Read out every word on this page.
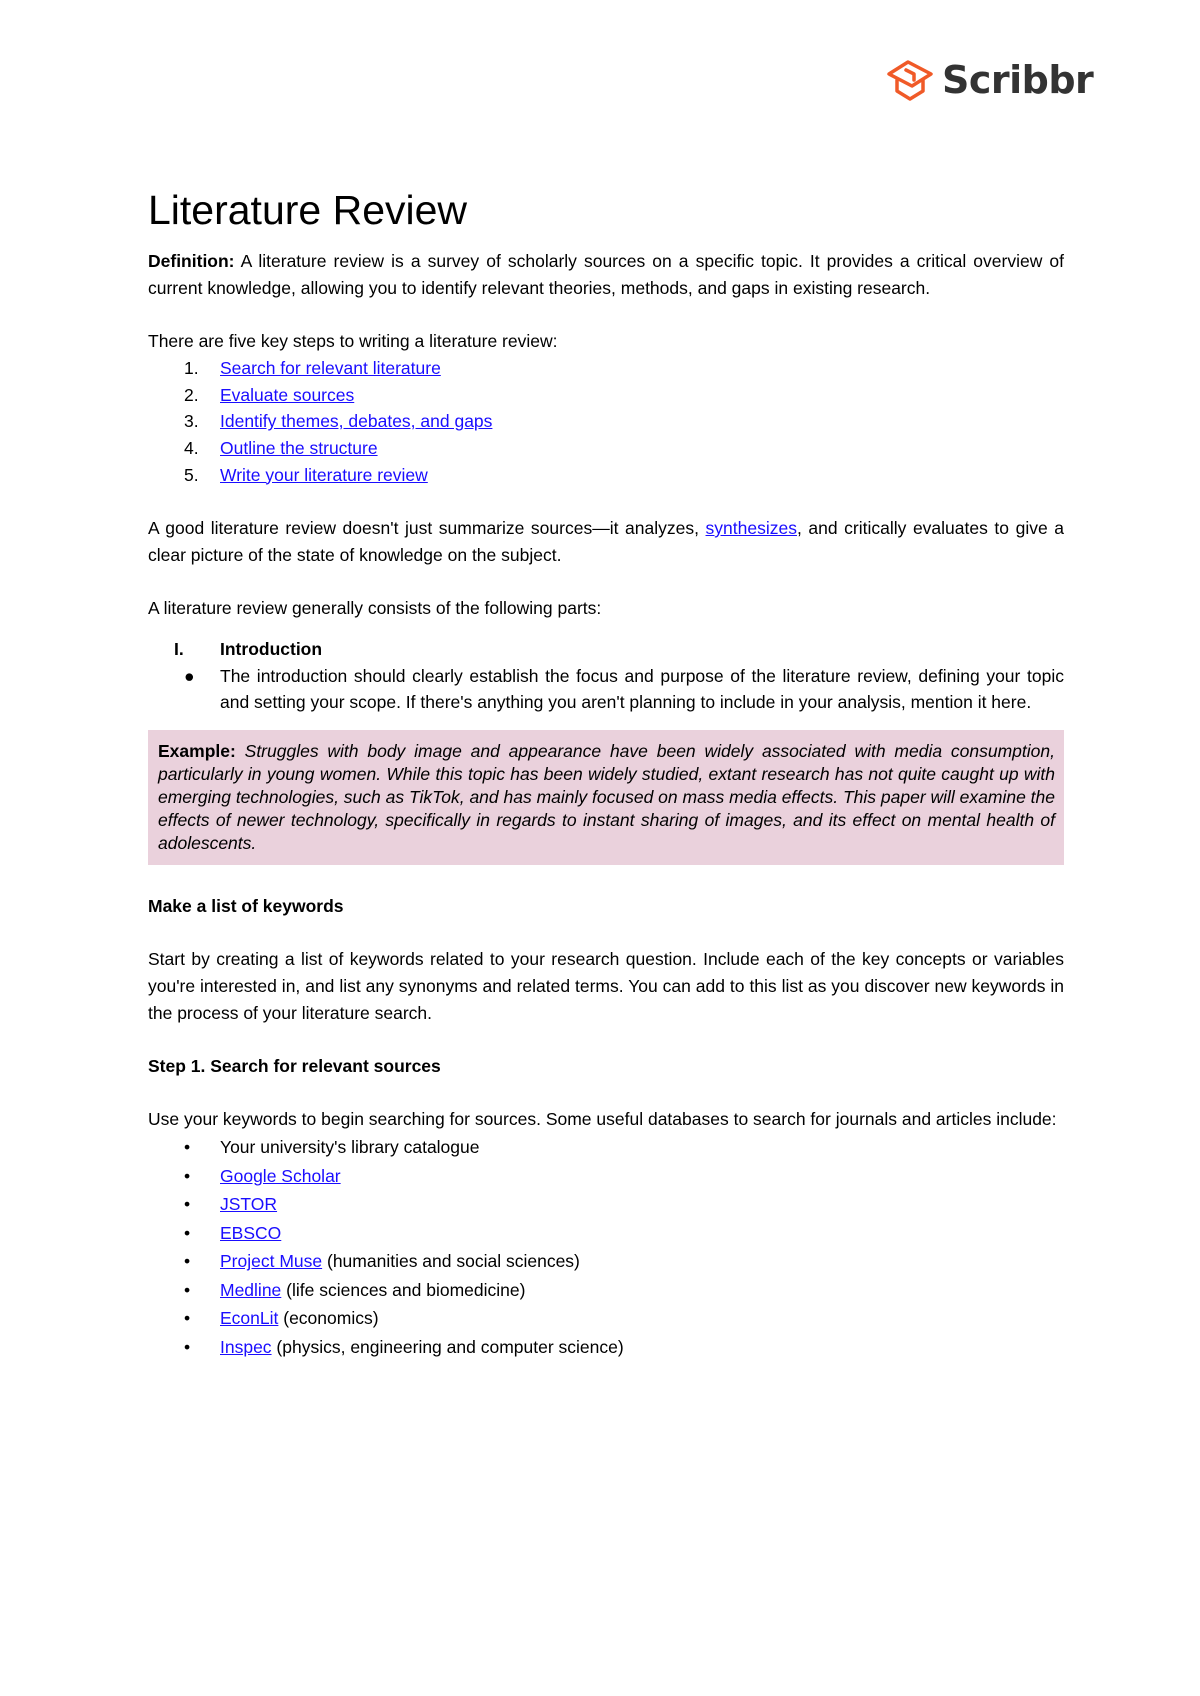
Scribbr
Literature Review

Definition: A literature review is a survey of scholarly sources on a specific topic. It provides a critical overview of current knowledge, allowing you to identify relevant theories, methods, and gaps in existing research.

There are five key steps to writing a literature review:
1. Search for relevant literature
2. Evaluate sources
3. Identify themes, debates, and gaps
4. Outline the structure
5. Write your literature review

A good literature review doesn't just summarize sources—it analyzes, synthesizes, and critically evaluates to give a clear picture of the state of knowledge on the subject.

A literature review generally consists of the following parts:
I. Introduction
● The introduction should clearly establish the focus and purpose of the literature review, defining your topic and setting your scope. If there's anything you aren't planning to include in your analysis, mention it here.
Example: Struggles with body image and appearance have been widely associated with media consumption, particularly in young women. While this topic has been widely studied, extant research has not quite caught up with emerging technologies, such as TikTok, and has mainly focused on mass media effects. This paper will examine the effects of newer technology, specifically in regards to instant sharing of images, and its effect on mental health of adolescents.
Make a list of keywords

Start by creating a list of keywords related to your research question. Include each of the key concepts or variables you're interested in, and list any synonyms and related terms. You can add to this list as you discover new keywords in the process of your literature search.

Step 1. Search for relevant sources

Use your keywords to begin searching for sources. Some useful databases to search for journals and articles include:

• Your university's library catalogue
• Google Scholar
• JSTOR
• EBSCO
• Project Muse (humanities and social sciences)
• Medline (life sciences and biomedicine)
• EconLit (economics)
• Inspec (physics, engineering and computer science)
